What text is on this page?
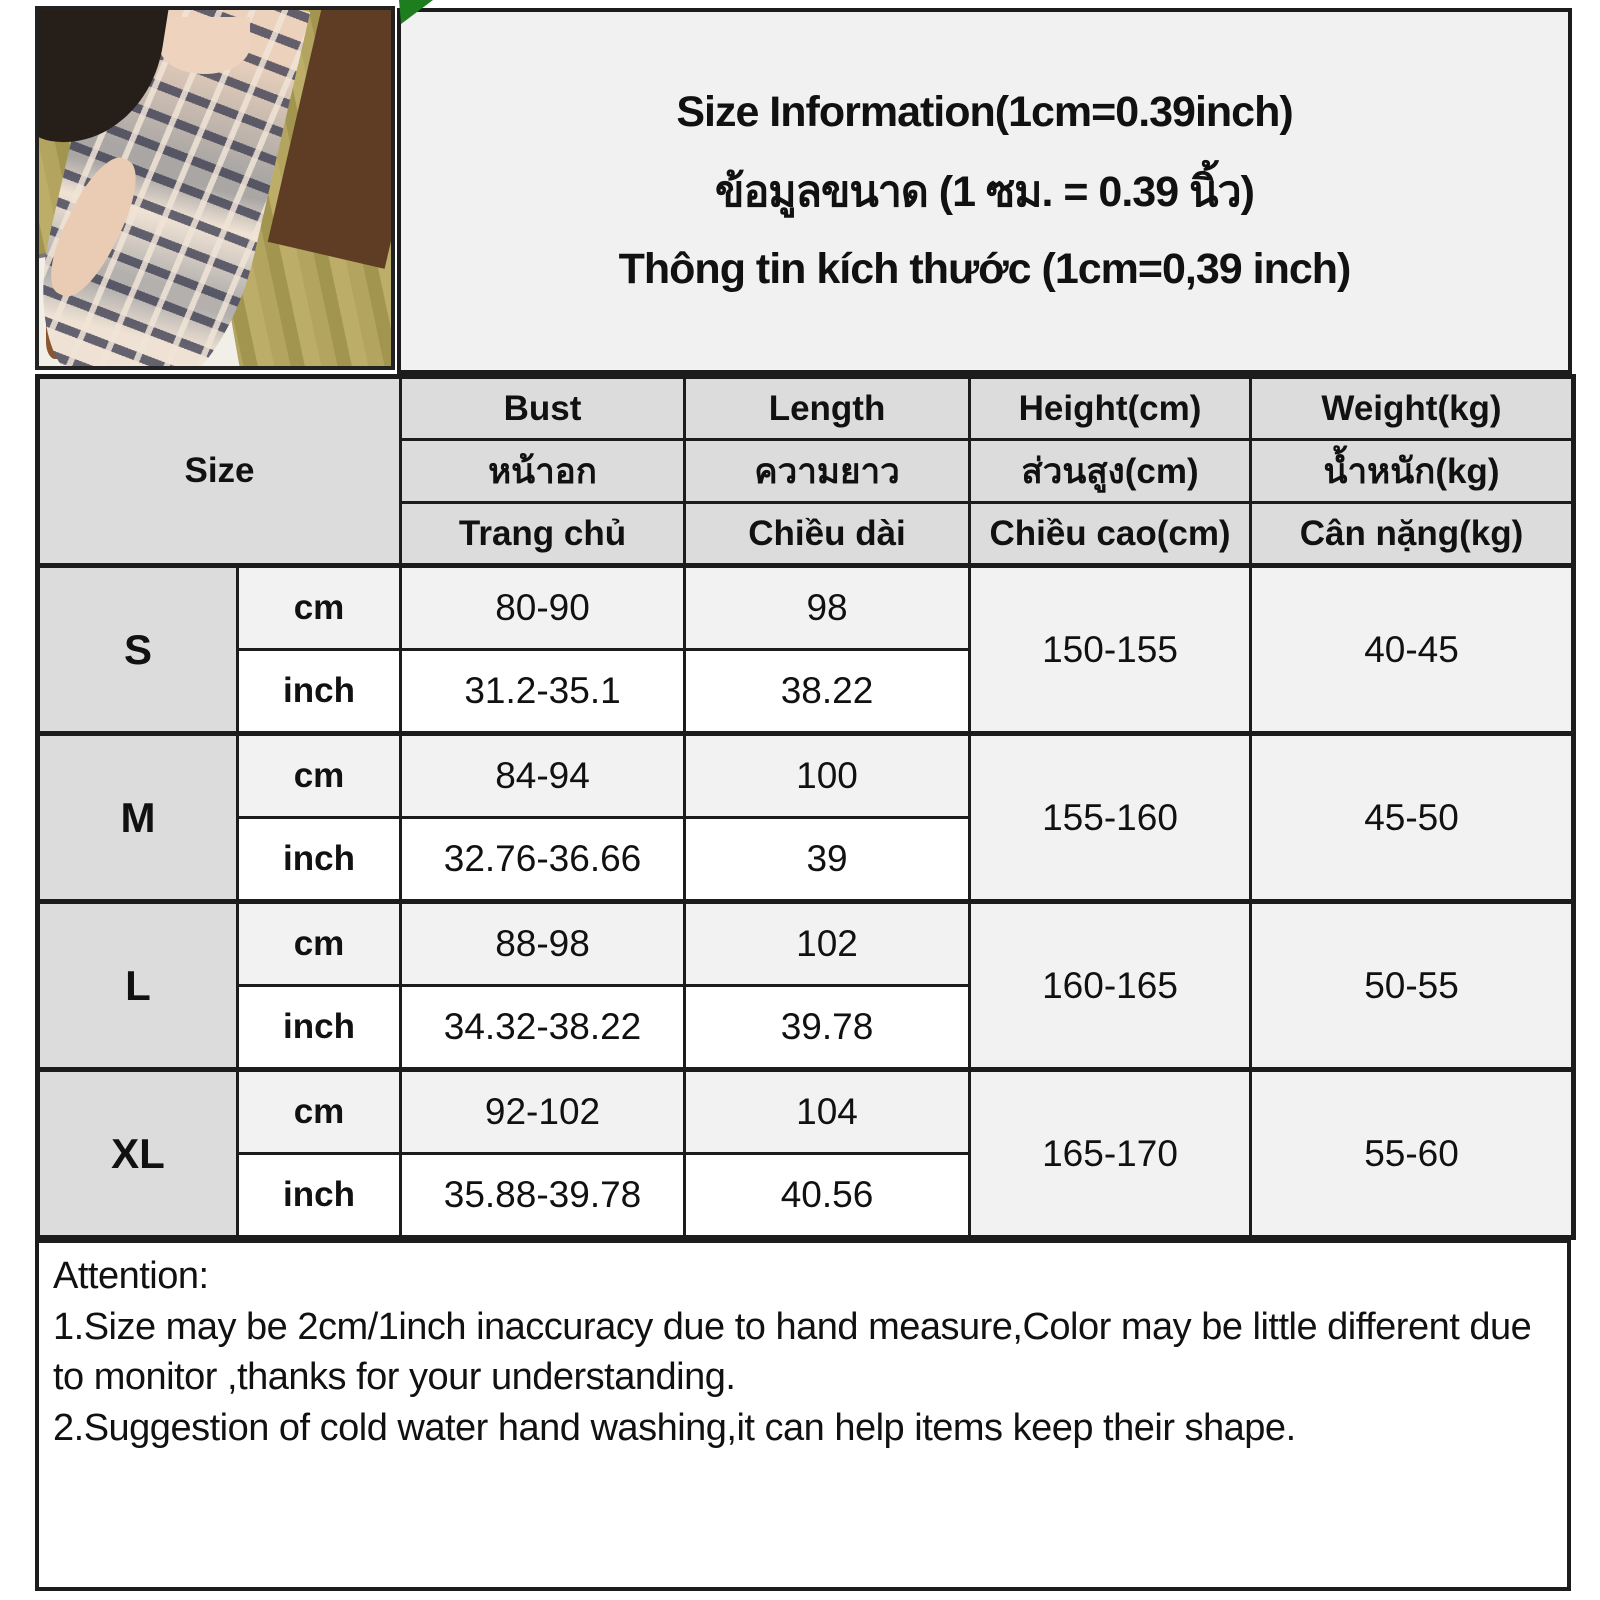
Size Information(1cm=0.39inch)
ข้อมูลขนาด (1 ซม. = 0.39 นิ้ว)
Thông tin kích thước (1cm=0,39 inch)
Size		Bust	Length	Height(cm)	Weight(kg)
		หน้าอก	ความยาว	ส่วนสูง(cm)	น้ำหนัก(kg)
		Trang chủ	Chiều dài	Chiều cao(cm)	Cân nặng(kg)
S	cm	80-90	98	150-155	40-45
	inch	31.2-35.1	38.22		
M	cm	84-94	100	155-160	45-50
	inch	32.76-36.66	39		
L	cm	88-98	102	160-165	50-55
	inch	34.32-38.22	39.78		
XL	cm	92-102	104	165-170	55-60
	inch	35.88-39.78	40.56		

Attention:

1.Size may be 2cm/1inch inaccuracy due to hand measure,Color may be little different due to monitor ,thanks for your understanding.

2.Suggestion of cold water hand washing,it can help items keep their shape.
